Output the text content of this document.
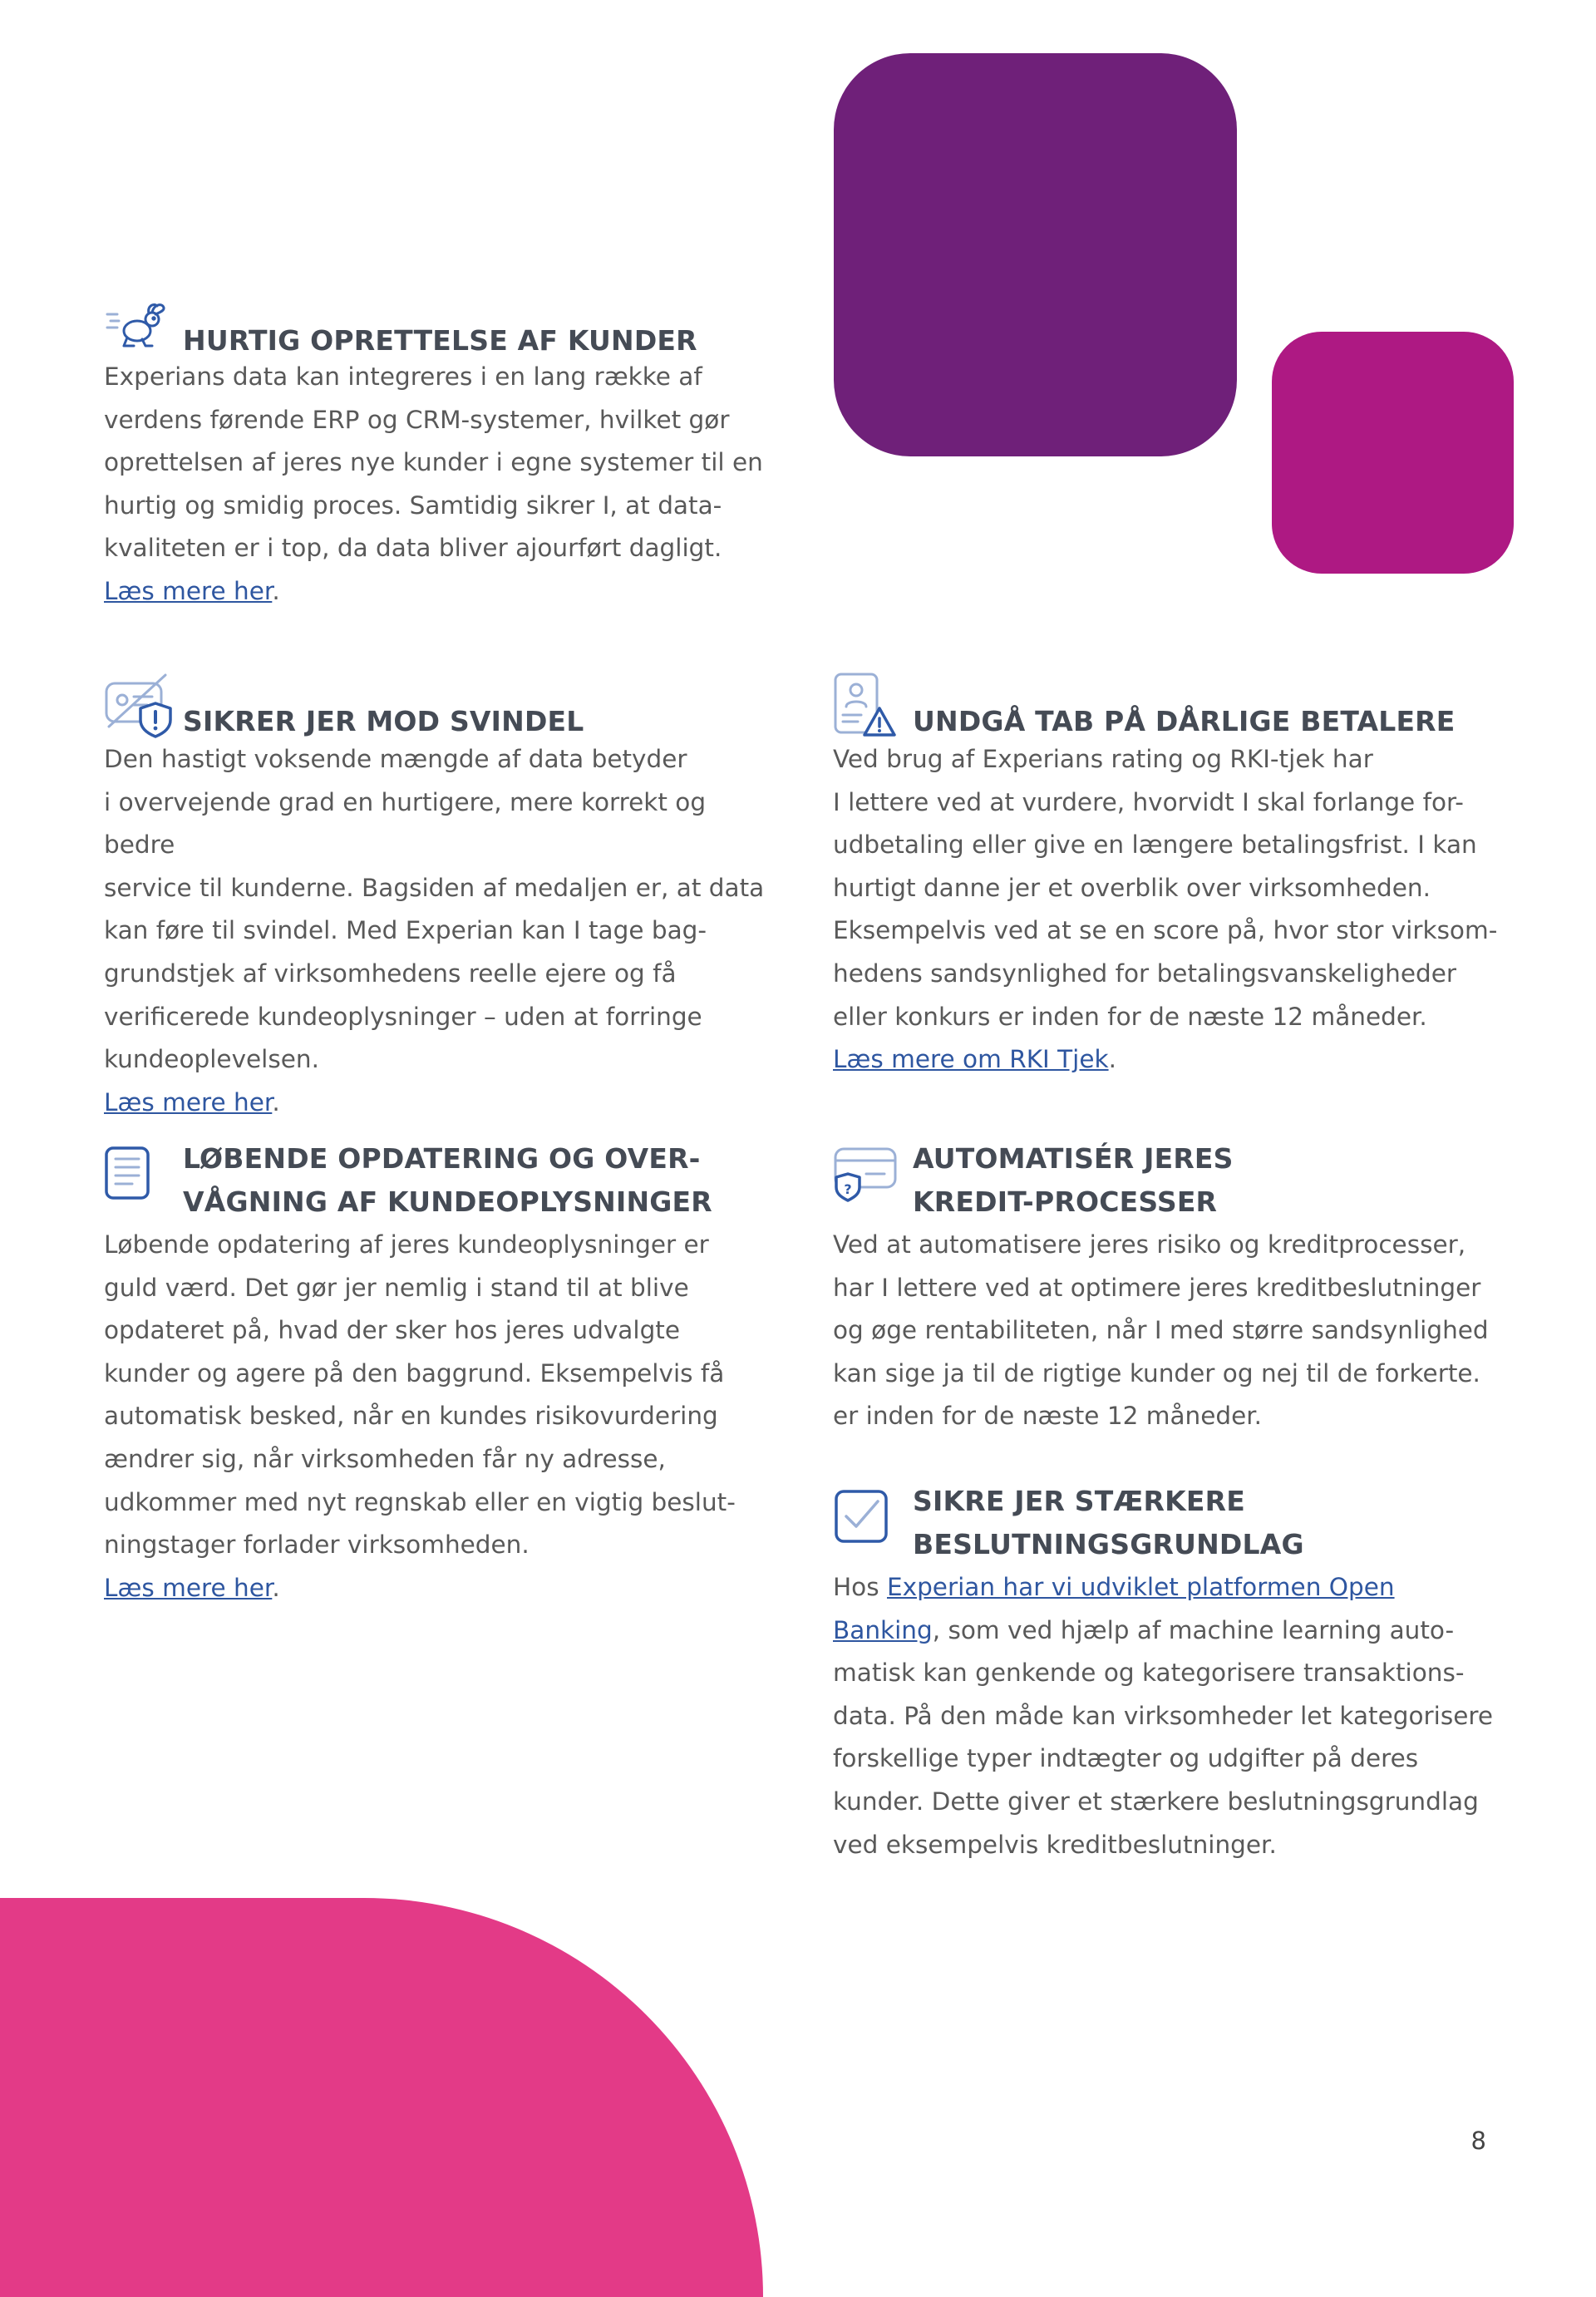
HURTIG OPRETTELSE AF KUNDER

Experians data kan integreres i en lang række af
verdens førende ERP og CRM-systemer, hvilket gør
oprettelsen af jeres nye kunder i egne systemer til en
hurtig og smidig proces. Samtidig sikrer I, at data-
kvaliteten er i top, da data bliver ajourført dagligt.
Læs mere her.

SIKRER JER MOD SVINDEL

Den hastigt voksende mængde af data betyder
i overvejende grad en hurtigere, mere korrekt og bedre
service til kunderne. Bagsiden af medaljen er, at data
kan føre til svindel. Med Experian kan I tage bag-
grundstjek af virksomhedens reelle ejere og få
verificerede kundeoplysninger – uden at forringe
kundeoplevelsen.
Læs mere her.

UNDGÅ TAB PÅ DÅRLIGE BETALERE

Ved brug af Experians rating og RKI-tjek har
I lettere ved at vurdere, hvorvidt I skal forlange for-
udbetaling eller give en længere betalingsfrist. I kan
hurtigt danne jer et overblik over virksomheden.
Eksempelvis ved at se en score på, hvor stor virksom-
hedens sandsynlighed for betalingsvanskeligheder
eller konkurs er inden for de næste 12 måneder.
Læs mere om RKI Tjek.

LØBENDE OPDATERING OG OVER-
VÅGNING AF KUNDEOPLYSNINGER

Løbende opdatering af jeres kundeoplysninger er
guld værd. Det gør jer nemlig i stand til at blive
opdateret på, hvad der sker hos jeres udvalgte
kunder og agere på den baggrund. Eksempelvis få
automatisk besked, når en kundes risikovurdering
ændrer sig, når virksomheden får ny adresse,
udkommer med nyt regnskab eller en vigtig beslut-
ningstager forlader virksomheden.
Læs mere her.

?
AUTOMATISÉR JERES
KREDIT-PROCESSER

Ved at automatisere jeres risiko og kreditprocesser,
har I lettere ved at optimere jeres kreditbeslutninger
og øge rentabiliteten, når I med større sandsynlighed
kan sige ja til de rigtige kunder og nej til de forkerte.
er inden for de næste 12 måneder.

SIKRE JER STÆRKERE
BESLUTNINGSGRUNDLAG

Hos Experian har vi udviklet platformen Open
Banking, som ved hjælp af machine learning auto-
matisk kan genkende og kategorisere transaktions-
data. På den måde kan virksomheder let kategorisere
forskellige typer indtægter og udgifter på deres
kunder. Dette giver et stærkere beslutningsgrundlag
ved eksempelvis kreditbeslutninger.

8
